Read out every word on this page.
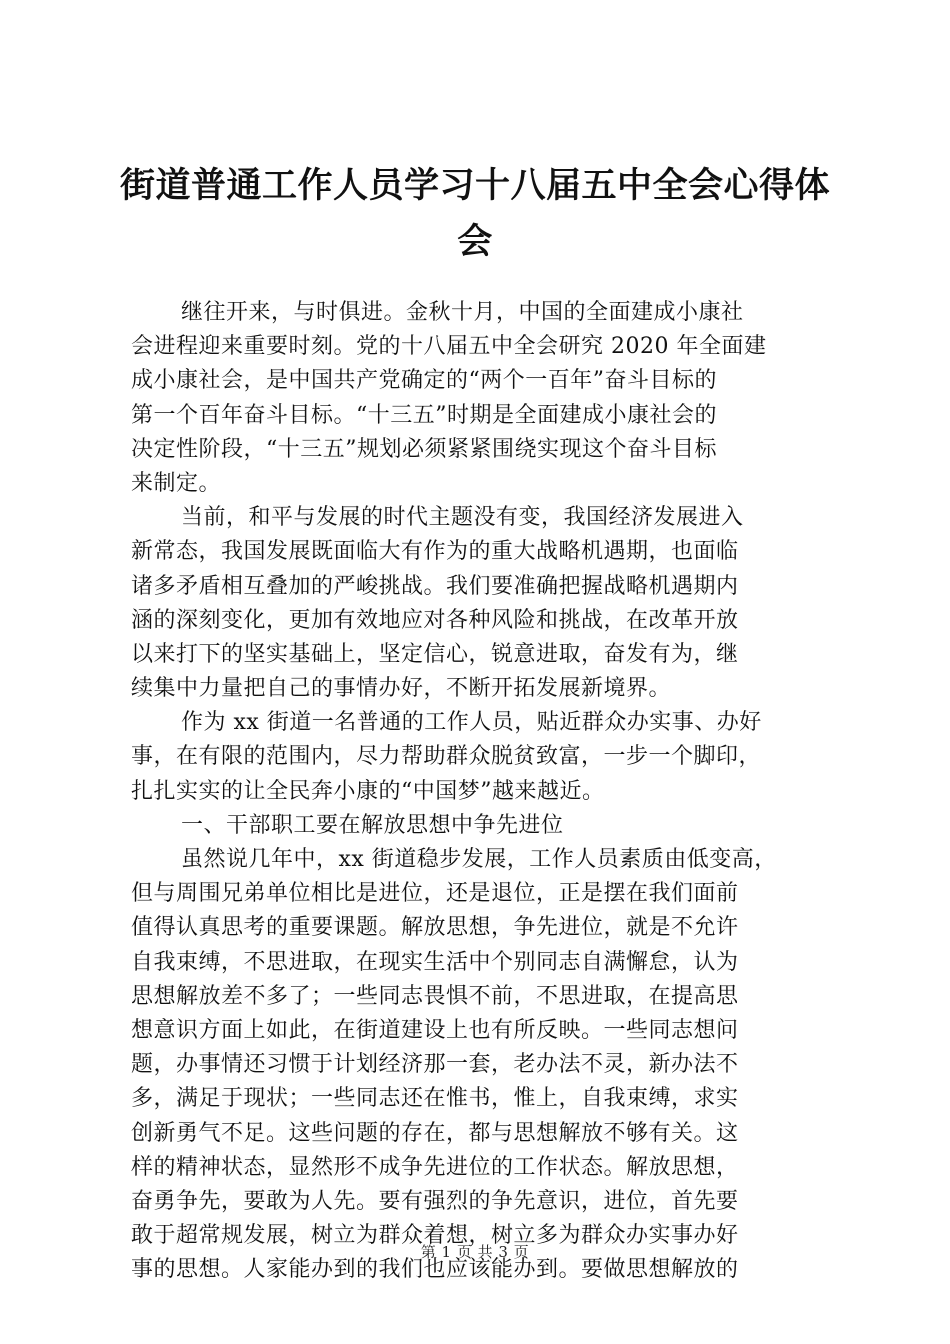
街道普通工作人员学习十八届五中全会心得体
会
继往开来，与时俱进。金秋十月，中国的全面建成小康社
会进程迎来重要时刻。党的十八届五中全会研究 2020 年全面建
成小康社会，是中国共产党确定的“两个一百年”奋斗目标的
第一个百年奋斗目标。“十三五”时期是全面建成小康社会的
决定性阶段，“十三五”规划必须紧紧围绕实现这个奋斗目标
来制定。
当前，和平与发展的时代主题没有变，我国经济发展进入
新常态，我国发展既面临大有作为的重大战略机遇期，也面临
诸多矛盾相互叠加的严峻挑战。我们要准确把握战略机遇期内
涵的深刻变化，更加有效地应对各种风险和挑战，在改革开放
以来打下的坚实基础上，坚定信心，锐意进取，奋发有为，继
续集中力量把自己的事情办好，不断开拓发展新境界。
作为 xx 街道一名普通的工作人员，贴近群众办实事、办好
事，在有限的范围内，尽力帮助群众脱贫致富，一步一个脚印，
扎扎实实的让全民奔小康的“中国梦”越来越近。
一、干部职工要在解放思想中争先进位
虽然说几年中，xx 街道稳步发展，工作人员素质由低变高，
但与周围兄弟单位相比是进位，还是退位，正是摆在我们面前
值得认真思考的重要课题。解放思想，争先进位，就是不允许
自我束缚，不思进取，在现实生活中个别同志自满懈怠，认为
思想解放差不多了；一些同志畏惧不前，不思进取，在提高思
想意识方面上如此，在街道建设上也有所反映。一些同志想问
题，办事情还习惯于计划经济那一套，老办法不灵，新办法不
多，满足于现状；一些同志还在惟书，惟上，自我束缚，求实
创新勇气不足。这些问题的存在，都与思想解放不够有关。这
样的精神状态，显然形不成争先进位的工作状态。解放思想，
奋勇争先，要敢为人先。要有强烈的争先意识，进位，首先要
敢于超常规发展，树立为群众着想，树立多为群众办实事办好
事的思想。人家能办到的我们也应该能办到。要做思想解放的
第 1 页 共 3 页
